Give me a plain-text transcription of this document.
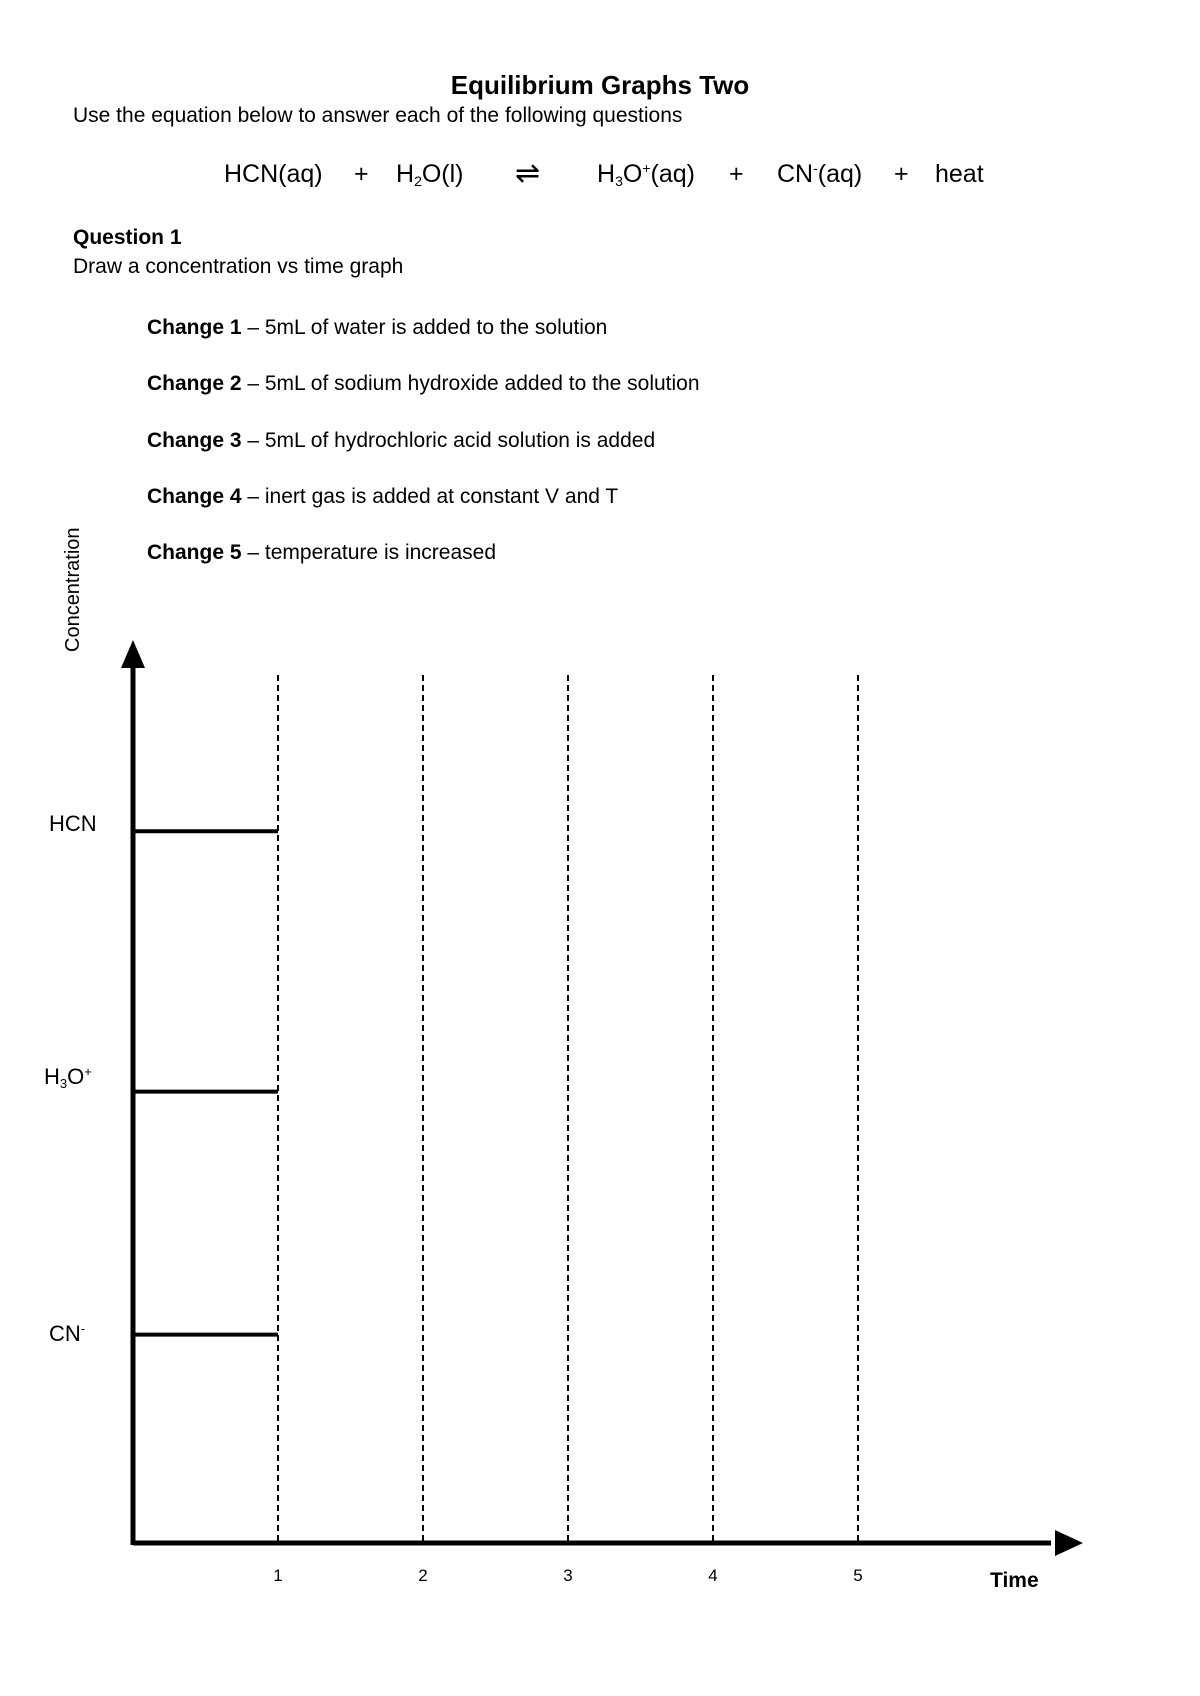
Equilibrium Graphs Two
Use the equation below to answer each of the following questions
$HCN(aq) + H_2O(l)$ ⇌ $H_3O^+(aq) + CN^-(aq)$ + heat
Question 1
Draw a concentration vs time graph
Change 1 – 5mL of water is added to the solution
Change 2 – 5mL of sodium hydroxide added to the solution
Change 3 – 5mL of hydrochloric acid solution is added
Change 4 – inert gas is added at constant V and T
Change 5 – temperature is increased
Concentration
HCN
$H_3O^+$
CN-
Time
1	2	3	4	5
